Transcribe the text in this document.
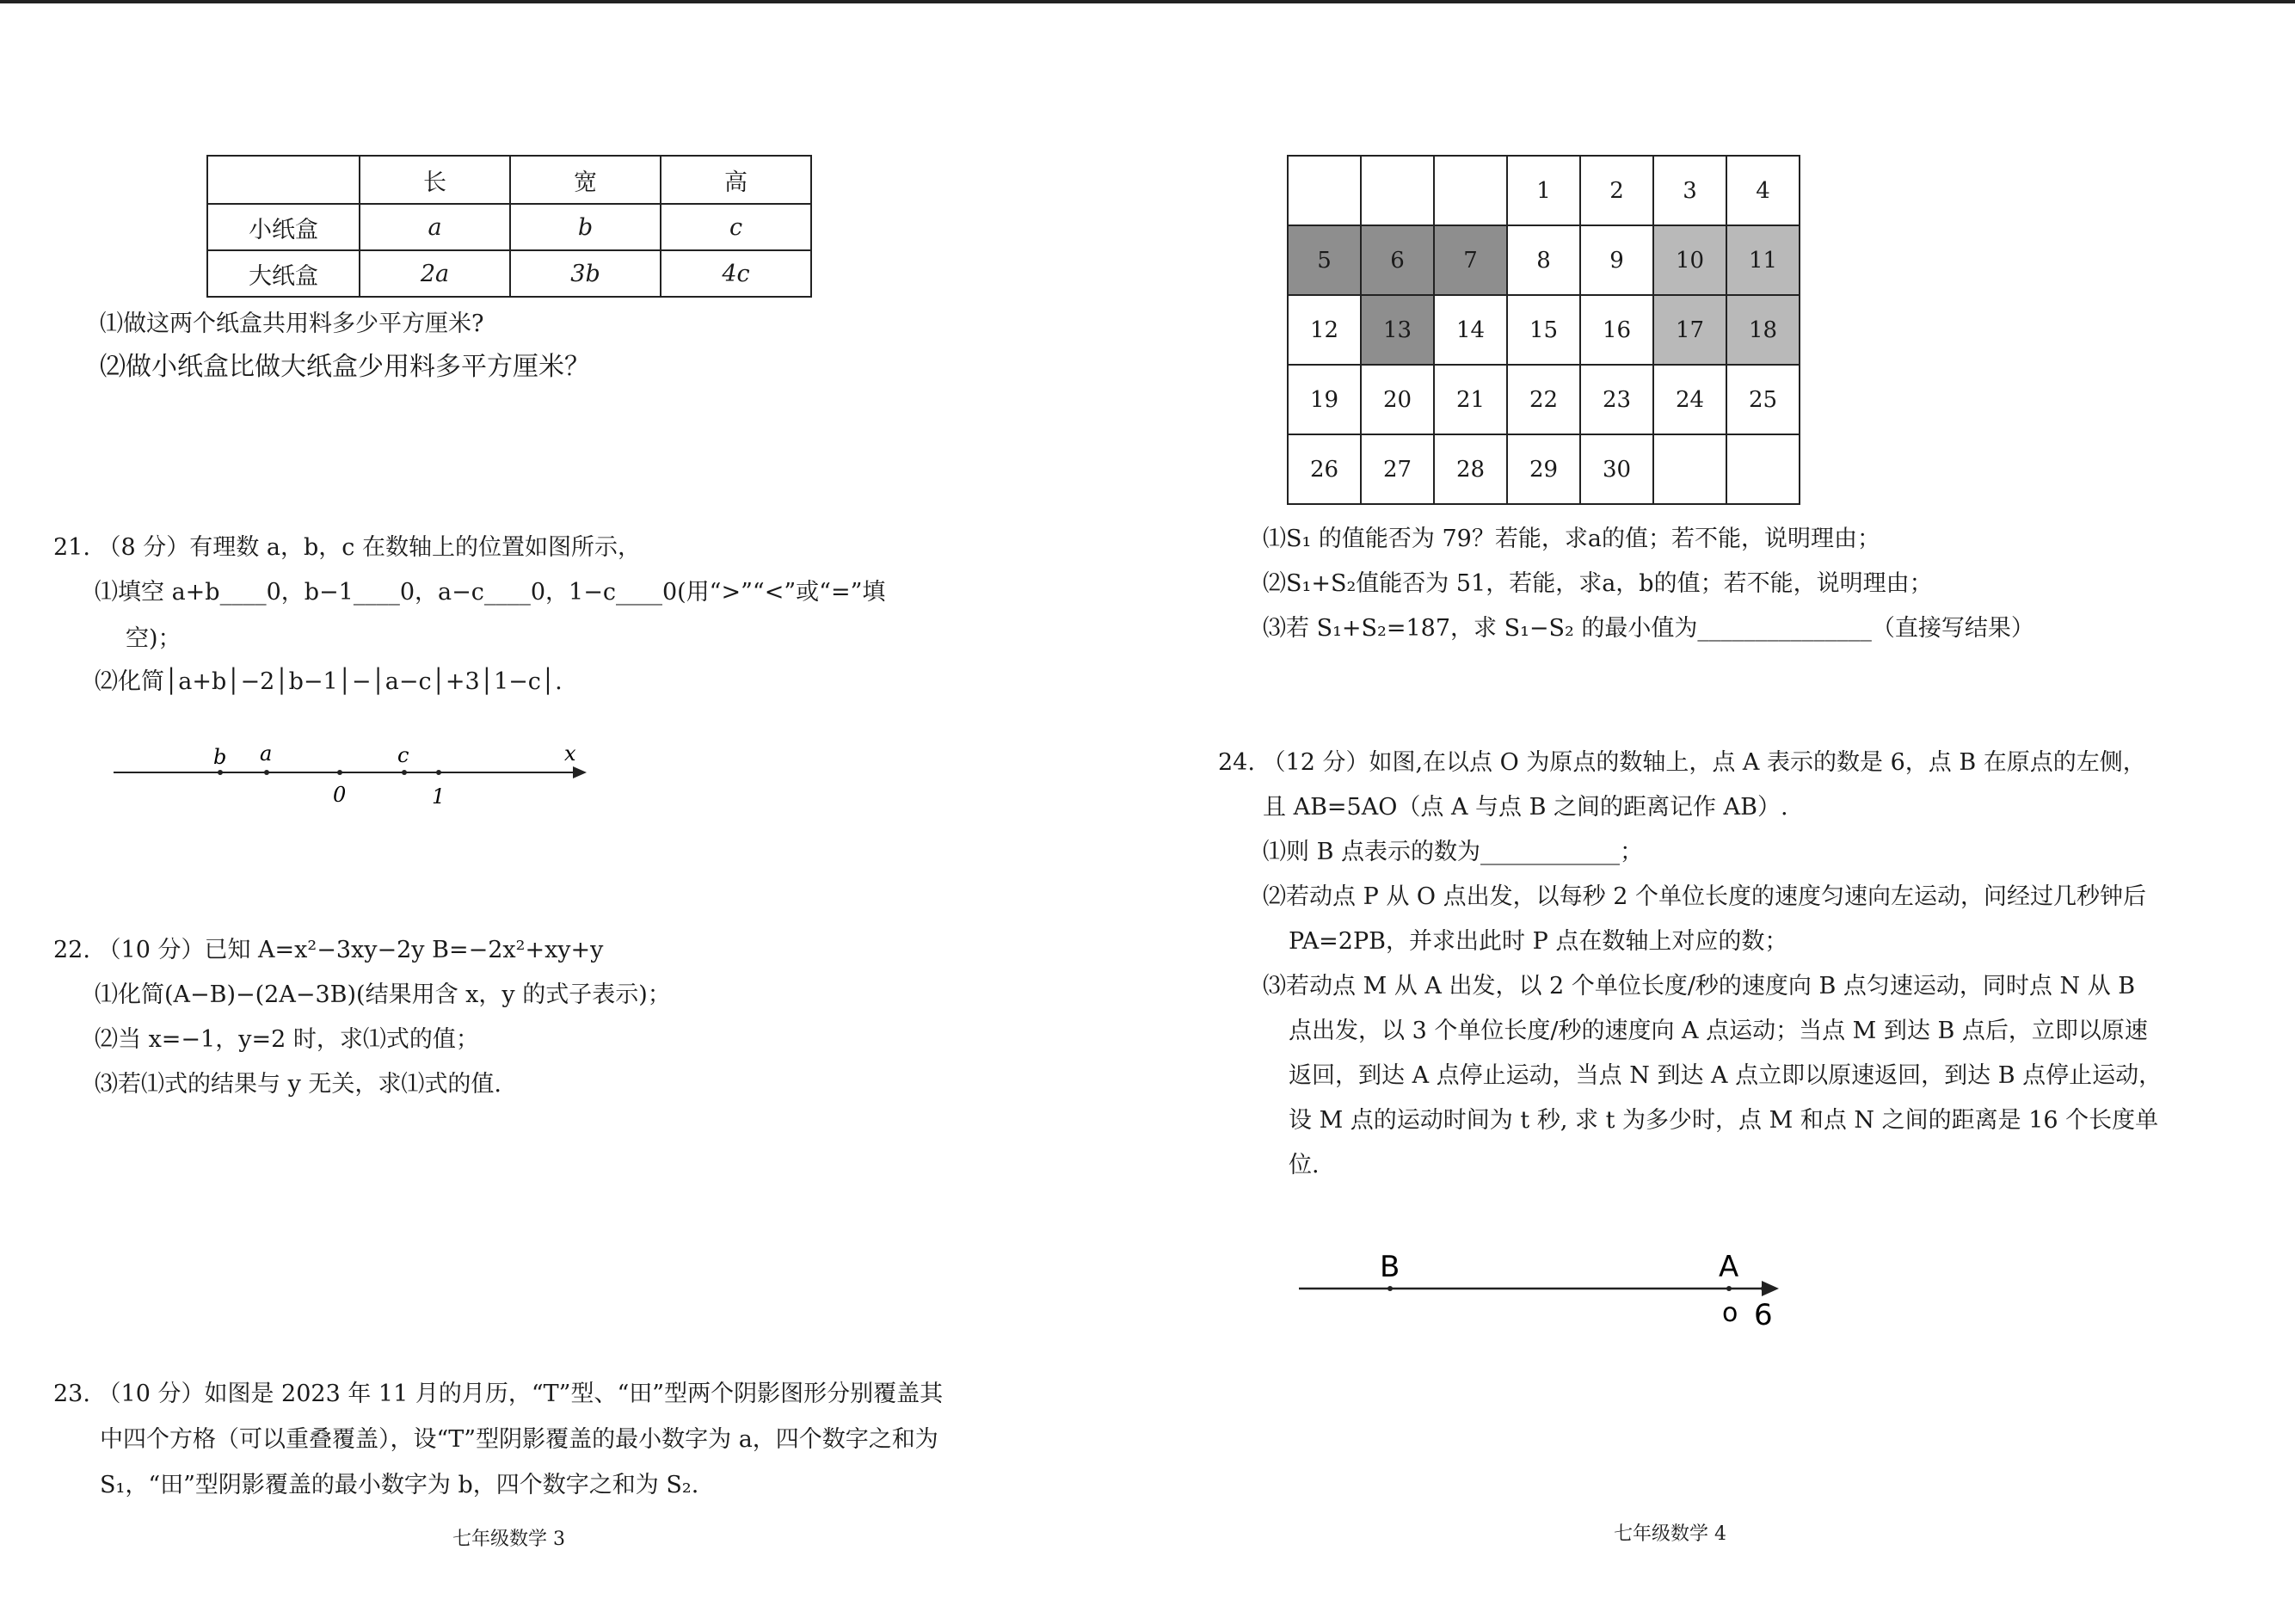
	长	宽	高
小纸盒	a	b	c
大纸盒	2a	3b	4c
⑴做这两个纸盒共用料多少平方厘米?
⑵做小纸盒比做大纸盒少用料多平方厘米？
21. （8 分）有理数 a，b，c 在数轴上的位置如图所示，
⑴填空 a+b____0，b−1____0，a−c____0，1−c____0(用“>”“<”或“=”填
空)；
⑵化简│a+b│−2│b−1│−│a−c│+3│1−c│.
b a	c	x
0	1
22. （10 分）已知 A=x²−3xy−2y B=−2x²+xy+y
⑴化简(A−B)−(2A−3B)(结果用含 x，y 的式子表示)；
⑵当 x=−1，y=2 时，求⑴式的值；
⑶若⑴式的结果与 y 无关，求⑴式的值.
23. （10 分）如图是 2023 年 11 月的月历，“T”型、“田”型两个阴影图形分别覆盖其
中四个方格（可以重叠覆盖），设“T”型阴影覆盖的最小数字为 a，四个数字之和为
S₁，“田”型阴影覆盖的最小数字为 b，四个数字之和为 S₂.
七年级数学 3
			1	2	3	4
5	6	7	8	9	10	11
12	13	14	15	16	17	18
19	20	21	22	23	24	25
26	27	28	29	30		
⑴S₁ 的值能否为 79？若能，求a的值；若不能，说明理由；
⑵S₁+S₂值能否为 51，若能，求a，b的值；若不能，说明理由；
⑶若 S₁+S₂=187，求 S₁−S₂ 的最小值为_______________（直接写结果）
24. （12 分）如图,在以点 O 为原点的数轴上，点 A 表示的数是 6，点 B 在原点的左侧，
且 AB=5AO（点 A 与点 B 之间的距离记作 AB）.
⑴则 B 点表示的数为____________；
⑵若动点 P 从 O 点出发，以每秒 2 个单位长度的速度匀速向左运动，问经过几秒钟后
PA=2PB，并求出此时 P 点在数轴上对应的数；
⑶若动点 M 从 A 出发，以 2 个单位长度/秒的速度向 B 点匀速运动，同时点 N 从 B
点出发，以 3 个单位长度/秒的速度向 A 点运动；当点 M 到达 B 点后，立即以原速
返回，到达 A 点停止运动，当点 N 到达 A 点立即以原速返回，到达 B 点停止运动，
设 M 点的运动时间为 t 秒, 求 t 为多少时，点 M 和点 N 之间的距离是 16 个长度单
位.
B	A
o 6
七年级数学 4
